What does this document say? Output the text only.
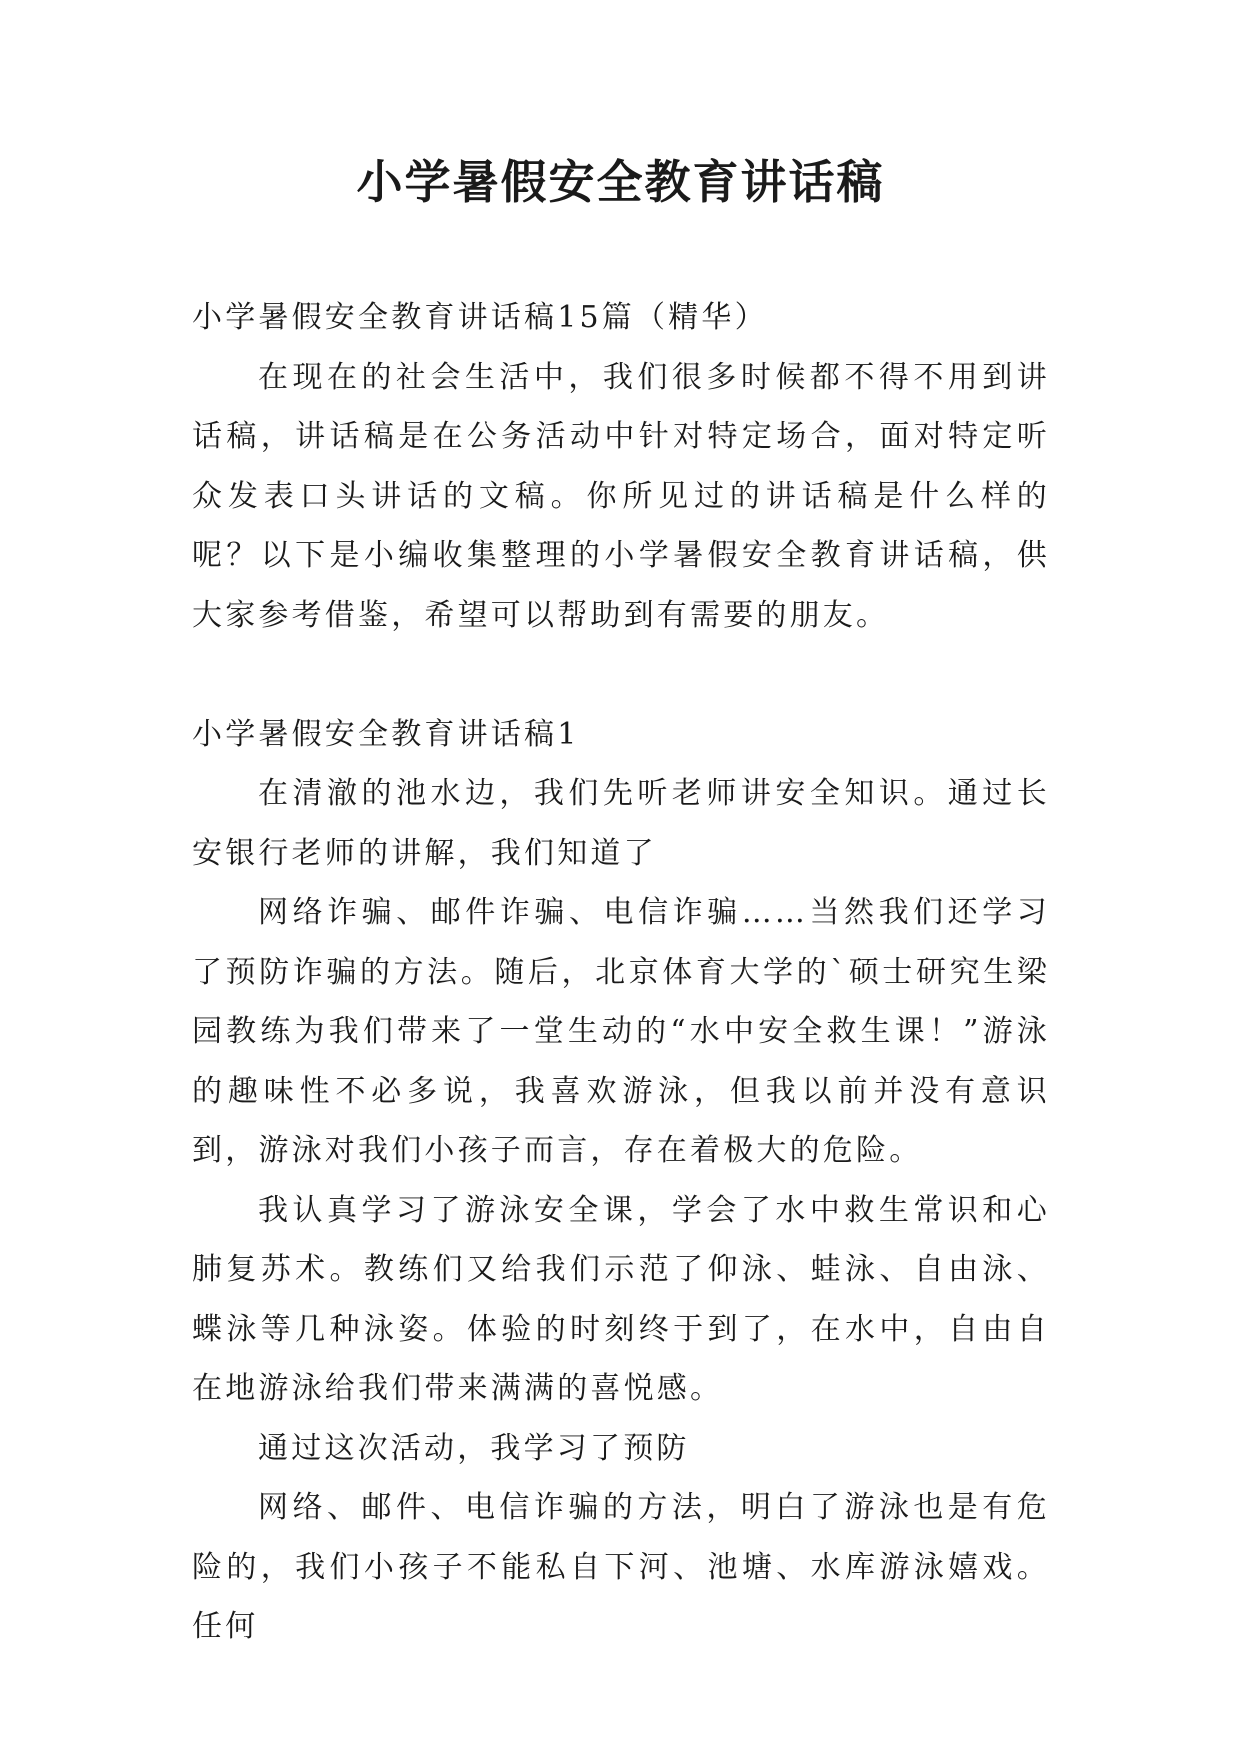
小学暑假安全教育讲话稿

小学暑假安全教育讲话稿15篇（精华）

在现在的社会生活中，我们很多时候都不得不用到讲话稿，讲话稿是在公务活动中针对特定场合，面对特定听众发表口头讲话的文稿。你所见过的讲话稿是什么样的呢？以下是小编收集整理的小学暑假安全教育讲话稿，供大家参考借鉴，希望可以帮助到有需要的朋友。

小学暑假安全教育讲话稿1

在清澈的池水边，我们先听老师讲安全知识。通过长安银行老师的讲解，我们知道了

网络诈骗、邮件诈骗、电信诈骗……当然我们还学习了预防诈骗的方法。随后，北京体育大学的`硕士研究生梁园教练为我们带来了一堂生动的“水中安全救生课！”游泳的趣味性不必多说，我喜欢游泳，但我以前并没有意识到，游泳对我们小孩子而言，存在着极大的危险。

我认真学习了游泳安全课，学会了水中救生常识和心肺复苏术。教练们又给我们示范了仰泳、蛙泳、自由泳、蝶泳等几种泳姿。体验的时刻终于到了，在水中，自由自在地游泳给我们带来满满的喜悦感。

通过这次活动，我学习了预防

网络、邮件、电信诈骗的方法，明白了游泳也是有危险的，我们小孩子不能私自下河、池塘、水库游泳嬉戏。任何
